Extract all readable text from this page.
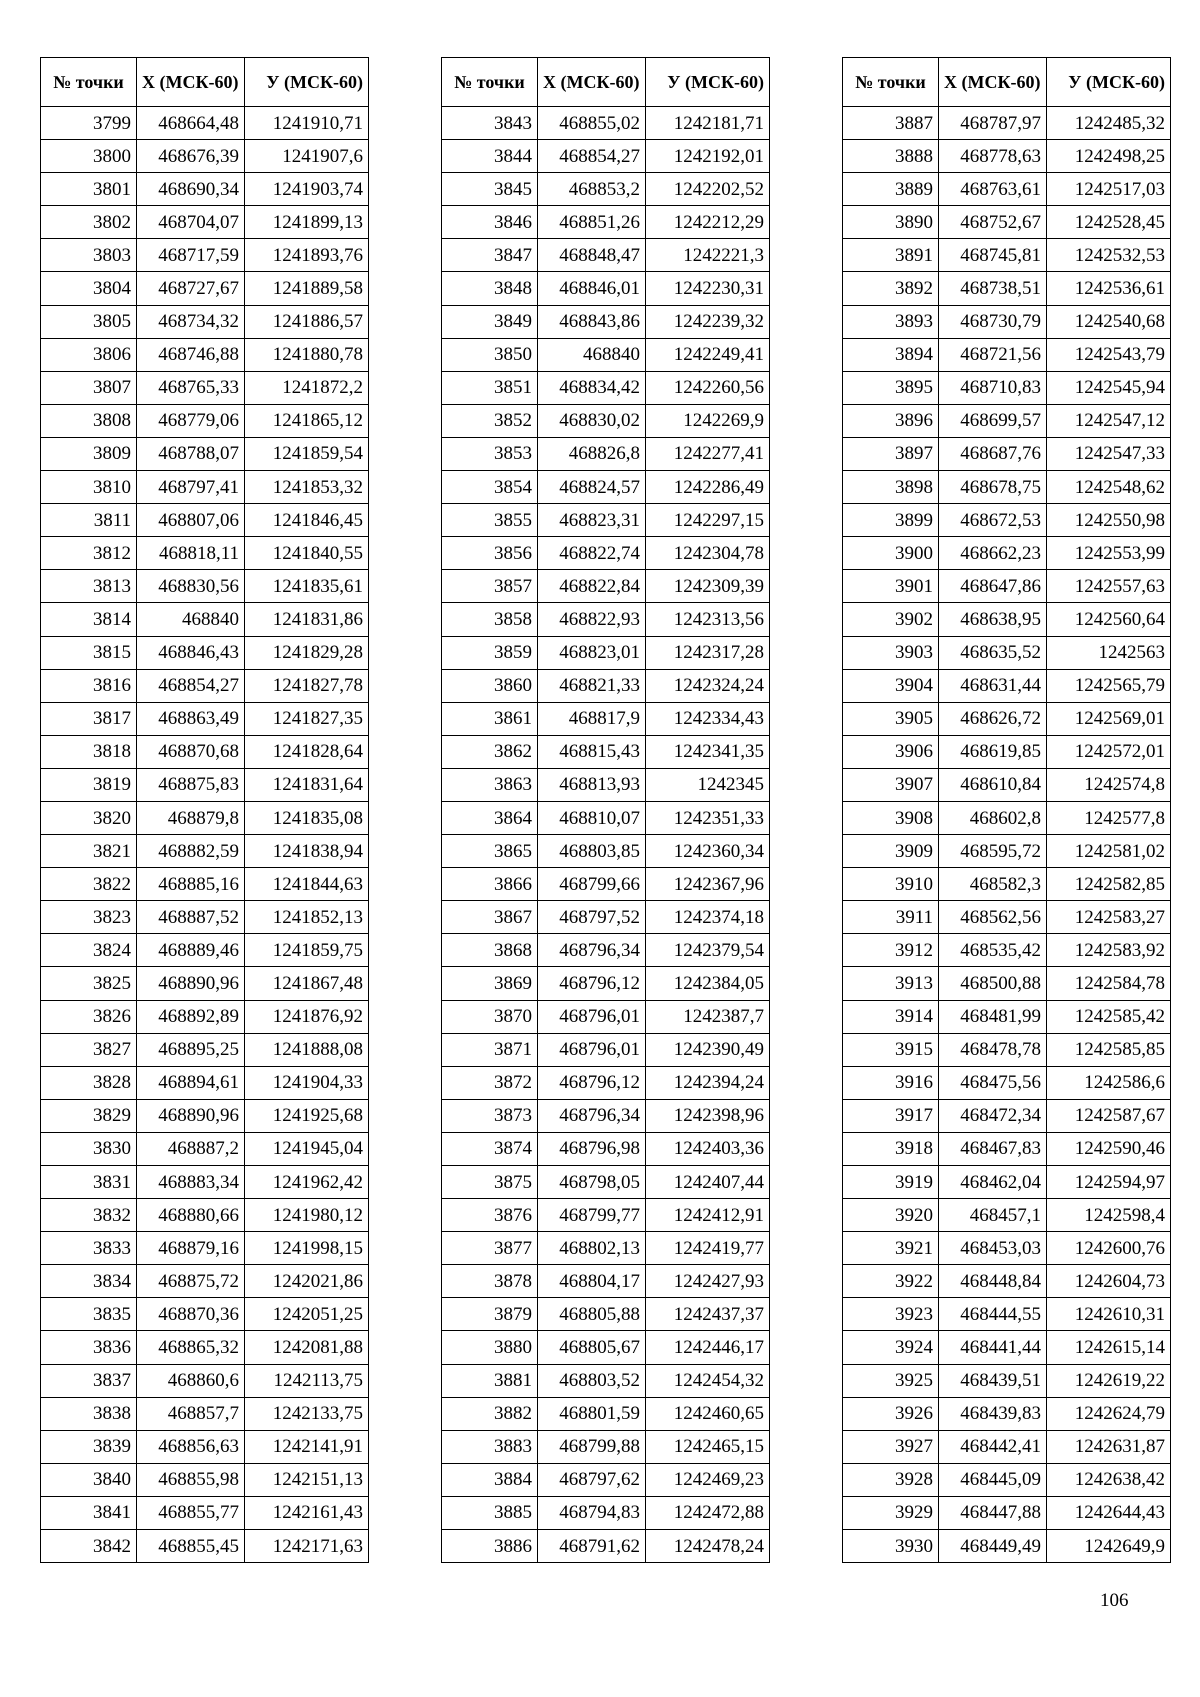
№ точки	X (МСК-60)	У (МСК-60)
3799	468664,48	1241910,71
3800	468676,39	1241907,6
3801	468690,34	1241903,74
3802	468704,07	1241899,13
3803	468717,59	1241893,76
3804	468727,67	1241889,58
3805	468734,32	1241886,57
3806	468746,88	1241880,78
3807	468765,33	1241872,2
3808	468779,06	1241865,12
3809	468788,07	1241859,54
3810	468797,41	1241853,32
3811	468807,06	1241846,45
3812	468818,11	1241840,55
3813	468830,56	1241835,61
3814	468840	1241831,86
3815	468846,43	1241829,28
3816	468854,27	1241827,78
3817	468863,49	1241827,35
3818	468870,68	1241828,64
3819	468875,83	1241831,64
3820	468879,8	1241835,08
3821	468882,59	1241838,94
3822	468885,16	1241844,63
3823	468887,52	1241852,13
3824	468889,46	1241859,75
3825	468890,96	1241867,48
3826	468892,89	1241876,92
3827	468895,25	1241888,08
3828	468894,61	1241904,33
3829	468890,96	1241925,68
3830	468887,2	1241945,04
3831	468883,34	1241962,42
3832	468880,66	1241980,12
3833	468879,16	1241998,15
3834	468875,72	1242021,86
3835	468870,36	1242051,25
3836	468865,32	1242081,88
3837	468860,6	1242113,75
3838	468857,7	1242133,75
3839	468856,63	1242141,91
3840	468855,98	1242151,13
3841	468855,77	1242161,43
3842	468855,45	1242171,63
№ точки	X (МСК-60)	У (МСК-60)
3843	468855,02	1242181,71
3844	468854,27	1242192,01
3845	468853,2	1242202,52
3846	468851,26	1242212,29
3847	468848,47	1242221,3
3848	468846,01	1242230,31
3849	468843,86	1242239,32
3850	468840	1242249,41
3851	468834,42	1242260,56
3852	468830,02	1242269,9
3853	468826,8	1242277,41
3854	468824,57	1242286,49
3855	468823,31	1242297,15
3856	468822,74	1242304,78
3857	468822,84	1242309,39
3858	468822,93	1242313,56
3859	468823,01	1242317,28
3860	468821,33	1242324,24
3861	468817,9	1242334,43
3862	468815,43	1242341,35
3863	468813,93	1242345
3864	468810,07	1242351,33
3865	468803,85	1242360,34
3866	468799,66	1242367,96
3867	468797,52	1242374,18
3868	468796,34	1242379,54
3869	468796,12	1242384,05
3870	468796,01	1242387,7
3871	468796,01	1242390,49
3872	468796,12	1242394,24
3873	468796,34	1242398,96
3874	468796,98	1242403,36
3875	468798,05	1242407,44
3876	468799,77	1242412,91
3877	468802,13	1242419,77
3878	468804,17	1242427,93
3879	468805,88	1242437,37
3880	468805,67	1242446,17
3881	468803,52	1242454,32
3882	468801,59	1242460,65
3883	468799,88	1242465,15
3884	468797,62	1242469,23
3885	468794,83	1242472,88
3886	468791,62	1242478,24
№ точки	X (МСК-60)	У (МСК-60)
3887	468787,97	1242485,32
3888	468778,63	1242498,25
3889	468763,61	1242517,03
3890	468752,67	1242528,45
3891	468745,81	1242532,53
3892	468738,51	1242536,61
3893	468730,79	1242540,68
3894	468721,56	1242543,79
3895	468710,83	1242545,94
3896	468699,57	1242547,12
3897	468687,76	1242547,33
3898	468678,75	1242548,62
3899	468672,53	1242550,98
3900	468662,23	1242553,99
3901	468647,86	1242557,63
3902	468638,95	1242560,64
3903	468635,52	1242563
3904	468631,44	1242565,79
3905	468626,72	1242569,01
3906	468619,85	1242572,01
3907	468610,84	1242574,8
3908	468602,8	1242577,8
3909	468595,72	1242581,02
3910	468582,3	1242582,85
3911	468562,56	1242583,27
3912	468535,42	1242583,92
3913	468500,88	1242584,78
3914	468481,99	1242585,42
3915	468478,78	1242585,85
3916	468475,56	1242586,6
3917	468472,34	1242587,67
3918	468467,83	1242590,46
3919	468462,04	1242594,97
3920	468457,1	1242598,4
3921	468453,03	1242600,76
3922	468448,84	1242604,73
3923	468444,55	1242610,31
3924	468441,44	1242615,14
3925	468439,51	1242619,22
3926	468439,83	1242624,79
3927	468442,41	1242631,87
3928	468445,09	1242638,42
3929	468447,88	1242644,43
3930	468449,49	1242649,9
106
